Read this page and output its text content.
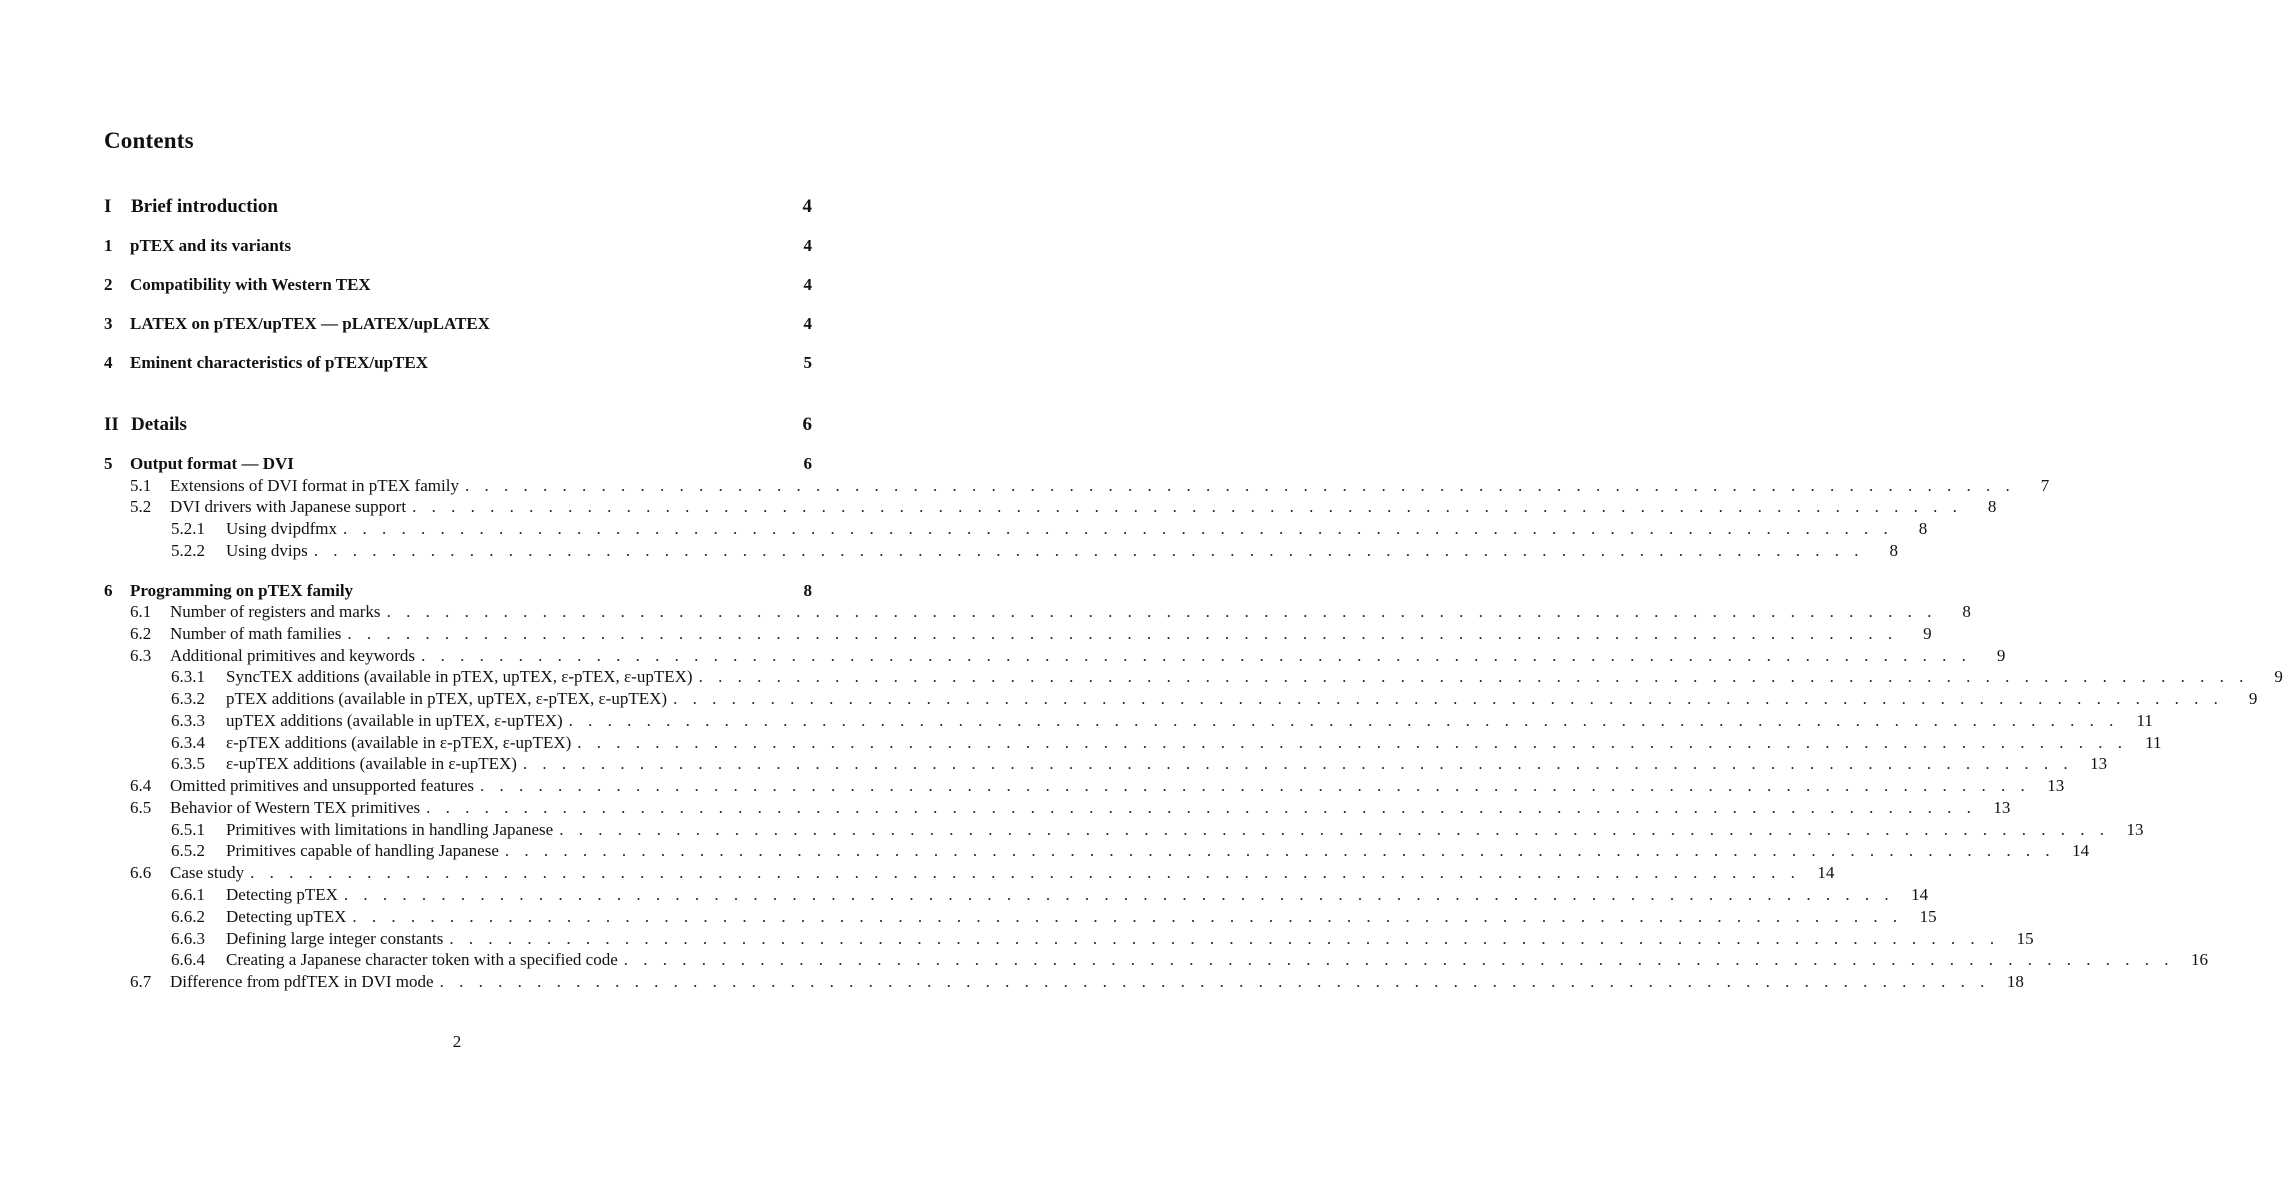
Contents
I	Brief introduction	4
1	pTEX and its variants	4
2	Compatibility with Western TEX	4
3	LATEX on pTEX/upTEX — pLATEX/upLATEX	4
4	Eminent characteristics of pTEX/upTEX	5
II Details	6
5	Output format — DVI	6
5.1	Extensions of DVI format in pTEX family . . . . . . . . . . . . . . . . . . . . . . . . . . . . . . . . . . . . . . . . . . . . . . . . . . . . . . . . . . . . . . . . . . . . . . . . . . . . . . . .	7
5.2	DVI drivers with Japanese support . . . . . . . . . . . . . . . . . . . . . . . . . . . . . . . . . . . . . . . . . . . . . . . . . . . . . . . . . . . . . . . . . . . . . . . . . . . . . . . .	8
5.2.1	Using dvipdfmx . . . . . . . . . . . . . . . . . . . . . . . . . . . . . . . . . . . . . . . . . . . . . . . . . . . . . . . . . . . . . . . . . . . . . . . . . . . . . . . .	8
5.2.2	Using dvips . . . . . . . . . . . . . . . . . . . . . . . . . . . . . . . . . . . . . . . . . . . . . . . . . . . . . . . . . . . . . . . . . . . . . . . . . . . . . . . .	8
6	Programming on pTEX family	8
6.1	Number of registers and marks . . . . . . . . . . . . . . . . . . . . . . . . . . . . . . . . . . . . . . . . . . . . . . . . . . . . . . . . . . . . . . . . . . . . . . . . . . . . . . . .	8
6.2	Number of math families . . . . . . . . . . . . . . . . . . . . . . . . . . . . . . . . . . . . . . . . . . . . . . . . . . . . . . . . . . . . . . . . . . . . . . . . . . . . . . . .	9
6.3	Additional primitives and keywords . . . . . . . . . . . . . . . . . . . . . . . . . . . . . . . . . . . . . . . . . . . . . . . . . . . . . . . . . . . . . . . . . . . . . . . . . . . . . . . .	9
6.3.1	SyncTEX additions (available in pTEX, upTEX, ε-pTEX, ε-upTEX) . . . . . . . . . . . . . . . . . . . . . . . . . . . . . . . . . . . . . . . . . . . . . . . . . . . . . . . . . . . . . . . . . . . . . . . . . . . . . . . .	9
6.3.2	pTEX additions (available in pTEX, upTEX, ε-pTEX, ε-upTEX) . . . . . . . . . . . . . . . . . . . . . . . . . . . . . . . . . . . . . . . . . . . . . . . . . . . . . . . . . . . . . . . . . . . . . . . . . . . . . . . .	9
6.3.3	upTEX additions (available in upTEX, ε-upTEX) . . . . . . . . . . . . . . . . . . . . . . . . . . . . . . . . . . . . . . . . . . . . . . . . . . . . . . . . . . . . . . . . . . . . . . . . . . . . . . . .	11
6.3.4	ε-pTEX additions (available in ε-pTEX, ε-upTEX) . . . . . . . . . . . . . . . . . . . . . . . . . . . . . . . . . . . . . . . . . . . . . . . . . . . . . . . . . . . . . . . . . . . . . . . . . . . . . . . .	11
6.3.5	ε-upTEX additions (available in ε-upTEX) . . . . . . . . . . . . . . . . . . . . . . . . . . . . . . . . . . . . . . . . . . . . . . . . . . . . . . . . . . . . . . . . . . . . . . . . . . . . . . . .	13
6.4	Omitted primitives and unsupported features . . . . . . . . . . . . . . . . . . . . . . . . . . . . . . . . . . . . . . . . . . . . . . . . . . . . . . . . . . . . . . . . . . . . . . . . . . . . . . . .	13
6.5	Behavior of Western TEX primitives . . . . . . . . . . . . . . . . . . . . . . . . . . . . . . . . . . . . . . . . . . . . . . . . . . . . . . . . . . . . . . . . . . . . . . . . . . . . . . . .	13
6.5.1	Primitives with limitations in handling Japanese . . . . . . . . . . . . . . . . . . . . . . . . . . . . . . . . . . . . . . . . . . . . . . . . . . . . . . . . . . . . . . . . . . . . . . . . . . . . . . . .	13
6.5.2	Primitives capable of handling Japanese . . . . . . . . . . . . . . . . . . . . . . . . . . . . . . . . . . . . . . . . . . . . . . . . . . . . . . . . . . . . . . . . . . . . . . . . . . . . . . . .	14
6.6	Case study . . . . . . . . . . . . . . . . . . . . . . . . . . . . . . . . . . . . . . . . . . . . . . . . . . . . . . . . . . . . . . . . . . . . . . . . . . . . . . . .	14
6.6.1	Detecting pTEX . . . . . . . . . . . . . . . . . . . . . . . . . . . . . . . . . . . . . . . . . . . . . . . . . . . . . . . . . . . . . . . . . . . . . . . . . . . . . . . .	14
6.6.2	Detecting upTEX . . . . . . . . . . . . . . . . . . . . . . . . . . . . . . . . . . . . . . . . . . . . . . . . . . . . . . . . . . . . . . . . . . . . . . . . . . . . . . . .	15
6.6.3	Defining large integer constants . . . . . . . . . . . . . . . . . . . . . . . . . . . . . . . . . . . . . . . . . . . . . . . . . . . . . . . . . . . . . . . . . . . . . . . . . . . . . . . .	15
6.6.4	Creating a Japanese character token with a specified code . . . . . . . . . . . . . . . . . . . . . . . . . . . . . . . . . . . . . . . . . . . . . . . . . . . . . . . . . . . . . . . . . . . . . . . . . . . . . . . .	16
6.7	Difference from pdfTEX in DVI mode . . . . . . . . . . . . . . . . . . . . . . . . . . . . . . . . . . . . . . . . . . . . . . . . . . . . . . . . . . . . . . . . . . . . . . . . . . . . . . . .	18
2
